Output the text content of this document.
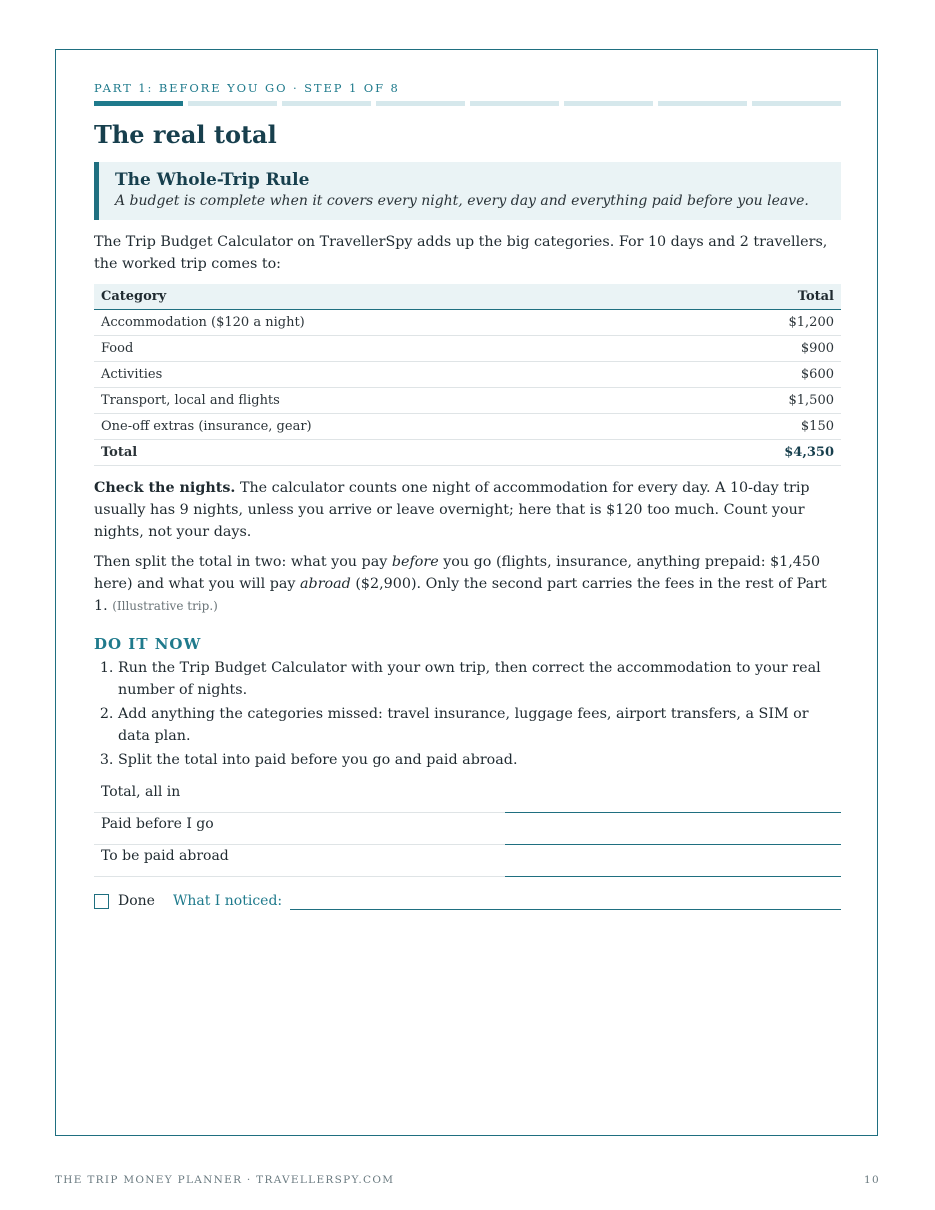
PART 1: BEFORE YOU GO · STEP 1 OF 8
The real total
The Whole-Trip Rule
A budget is complete when it covers every night, every day and everything paid before you leave.

The Trip Budget Calculator on TravellerSpy adds up the big categories. For 10 days and 2 travellers, the worked trip comes to:

Category	Total
Accommodation ($120 a night)	$1,200
Food	$900
Activities	$600
Transport, local and flights	$1,500
One-off extras (insurance, gear)	$150
Total	$4,350

Check the nights. The calculator counts one night of accommodation for every day. A 10-day trip usually has 9 nights, unless you arrive or leave overnight; here that is $120 too much. Count your nights, not your days.

Then split the total in two: what you pay before you go (flights, insurance, anything prepaid: $1,450 here) and what you will pay abroad ($2,900). Only the second part carries the fees in the rest of Part 1. (Illustrative trip.)

DO IT NOW
1. Run the Trip Budget Calculator with your own trip, then correct the accommodation to your real number of nights.
2. Add anything the categories missed: travel insurance, luggage fees, airport transfers, a SIM or data plan.
3. Split the total into paid before you go and paid abroad.
Total, all in
Paid before I go
To be paid abroad
Done What I noticed:
THE TRIP MONEY PLANNER · TRAVELLERSPY.COM	10
